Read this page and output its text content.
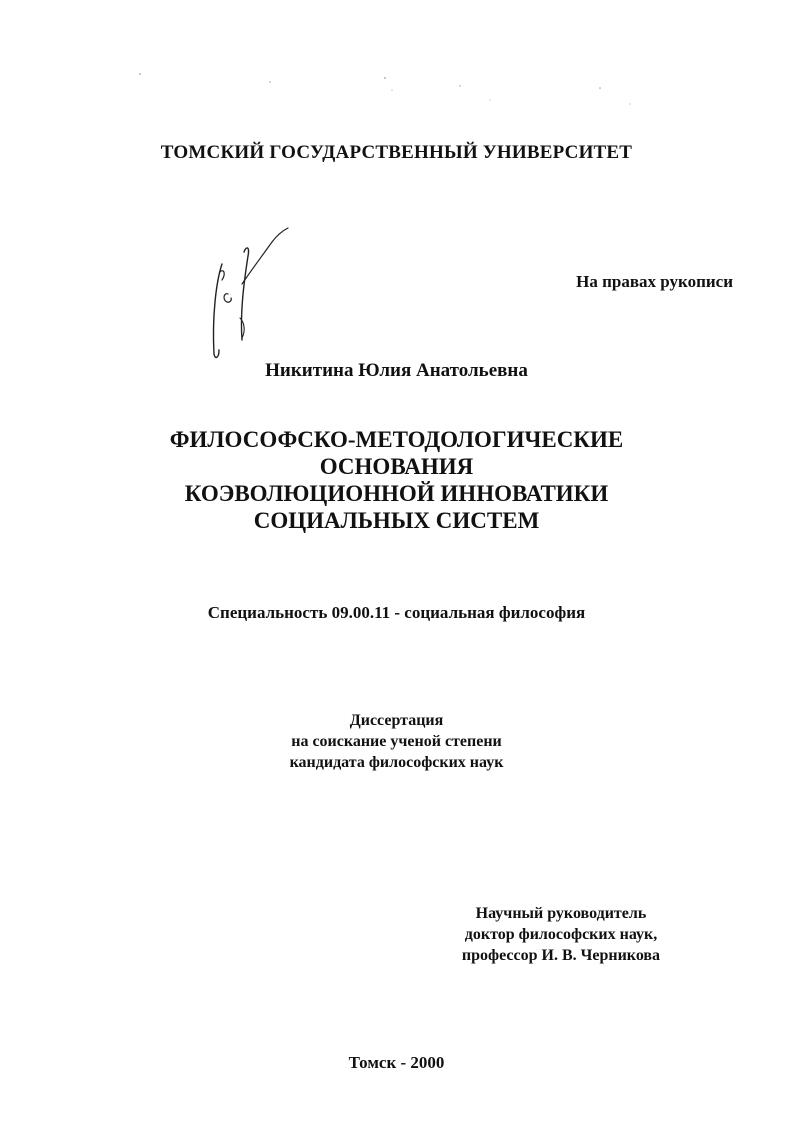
ТОМСКИЙ ГОСУДАРСТВЕННЫЙ УНИВЕРСИТЕТ
На правах рукописи
Никитина Юлия Анатольевна
ФИЛОСОФСКО-МЕТОДОЛОГИЧЕСКИЕ
ОСНОВАНИЯ
КОЭВОЛЮЦИОННОЙ ИННОВАТИКИ
СОЦИАЛЬНЫХ СИСТЕМ
Специальность 09.00.11 - социальная философия
Диссертация
на соискание ученой степени
кандидата философских наук
Научный руководитель
доктор философских наук,
профессор И. В. Черникова
Томск - 2000
